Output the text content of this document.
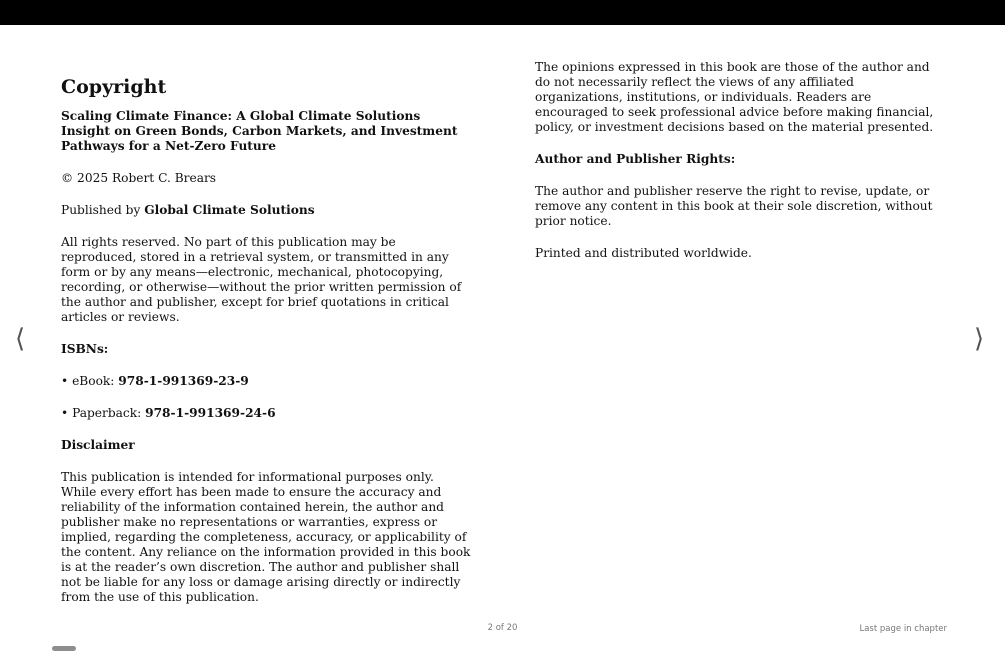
⟨	⟩
Copyright

Scaling Climate Finance: A Global Climate Solutions Insight on Green Bonds, Carbon Markets, and Investment Pathways for a Net-Zero Future

© 2025 Robert C. Brears

Published by Global Climate Solutions

All rights reserved. No part of this publication may be reproduced, stored in a retrieval system, or transmitted in any form or by any means—electronic, mechanical, photocopying, recording, or otherwise—without the prior written permission of the author and publisher, except for brief quotations in critical articles or reviews.

ISBNs:

• eBook: 978-1-991369-23-9

• Paperback: 978-1-991369-24-6

Disclaimer

This publication is intended for informational purposes only. While every effort has been made to ensure the accuracy and reliability of the information contained herein, the author and publisher make no representations or warranties, express or implied, regarding the completeness, accuracy, or applicability of the content. Any reliance on the information provided in this book is at the reader’s own discretion. The author and publisher shall not be liable for any loss or damage arising directly or indirectly from the use of this publication.

The opinions expressed in this book are those of the author and do not necessarily reflect the views of any affiliated organizations, institutions, or individuals. Readers are encouraged to seek professional advice before making financial, policy, or investment decisions based on the material presented.

Author and Publisher Rights:

The author and publisher reserve the right to revise, update, or remove any content in this book at their sole discretion, without prior notice.

Printed and distributed worldwide.

2 of 20	Last page in chapter
